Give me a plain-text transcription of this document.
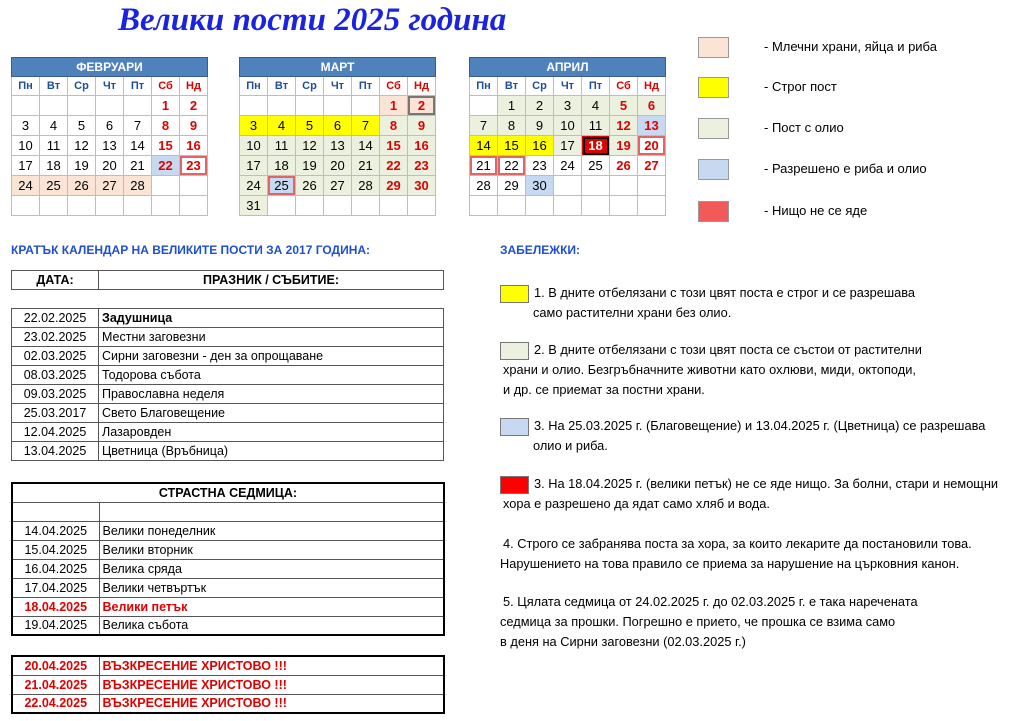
Велики пости 2025 година
ФЕВРУАРИ						
Пн	Вт	Ср	Чт	Пт	Сб	Нд
					1	2
3	4	5	6	7	8	9
10	11	12	13	14	15	16
17	18	19	20	21	22	23
24	25	26	27	28		

МАРТ						
Пн	Вт	Ср	Чт	Пт	Сб	Нд
					1	2
3	4	5	6	7	8	9
10	11	12	13	14	15	16
17	18	19	20	21	22	23
24	25	26	27	28	29	30
31						
АПРИЛ						
Пн	Вт	Ср	Чт	Пт	Сб	Нд
	1	2	3	4	5	6
7	8	9	10	11	12	13
14	15	16	17	18	19	20
21	22	23	24	25	26	27
28	29	30				

- Млечни храни, яйца и риба
- Строг пост
- Пост с олио
- Разрешено е риба и олио
- Нищо не се яде
КРАТЪК КАЛЕНДАР НА ВЕЛИКИТЕ ПОСТИ ЗА 2017 ГОДИНА:	ЗАБЕЛЕЖКИ:
ДАТА:	ПРАЗНИК / СЪБИТИЕ:

22.02.2025	Задушница
23.02.2025	Местни заговезни
02.03.2025	Сирни заговезни - ден за опрощаване
08.03.2025	Тодорова събота
09.03.2025	Православна неделя
25.03.2017	Свето Благовещение
12.04.2025	Лазаровден
13.04.2025	Цветница (Връбница)
СТРАСТНА СЕДМИЦА:	

14.04.2025	Велики понеделник
15.04.2025	Велики вторник
16.04.2025	Велика сряда
17.04.2025	Велики четвъртък
18.04.2025	Велики петък
19.04.2025	Велика събота
20.04.2025	ВЪЗКРЕСЕНИЕ ХРИСТОВО !!!
21.04.2025	ВЪЗКРЕСЕНИЕ ХРИСТОВО !!!
22.04.2025	ВЪЗКРЕСЕНИЕ ХРИСТОВО !!!
1. В дните отбелязани с този цвят поста е строг и се разрешава
само растителни храни без олио.
2. В дните отбелязани с този цвят поста се състои от растителни
храни и олио. Безгръбначните животни като охлюви, миди, октоподи,
и др. се приемат за постни храни.
3. На 25.03.2025 г. (Благовещение) и 13.04.2025 г. (Цветница) се разрешава
олио и риба.
3. На 18.04.2025 г. (велики петък) не се яде нищо. За болни, стари и немощни
хора е разрешено да ядат само хляб и вода.
4. Строго се забранява поста за хора, за които лекарите да постановили това.
Нарушението на това правило се приема за нарушение на църковния канон.
5. Цялата седмица от 24.02.2025 г. до 02.03.2025 г. е така наречената
седмица за прошки. Погрешно е прието, че прошка се взима само
в деня на Сирни заговезни (02.03.2025 г.)
